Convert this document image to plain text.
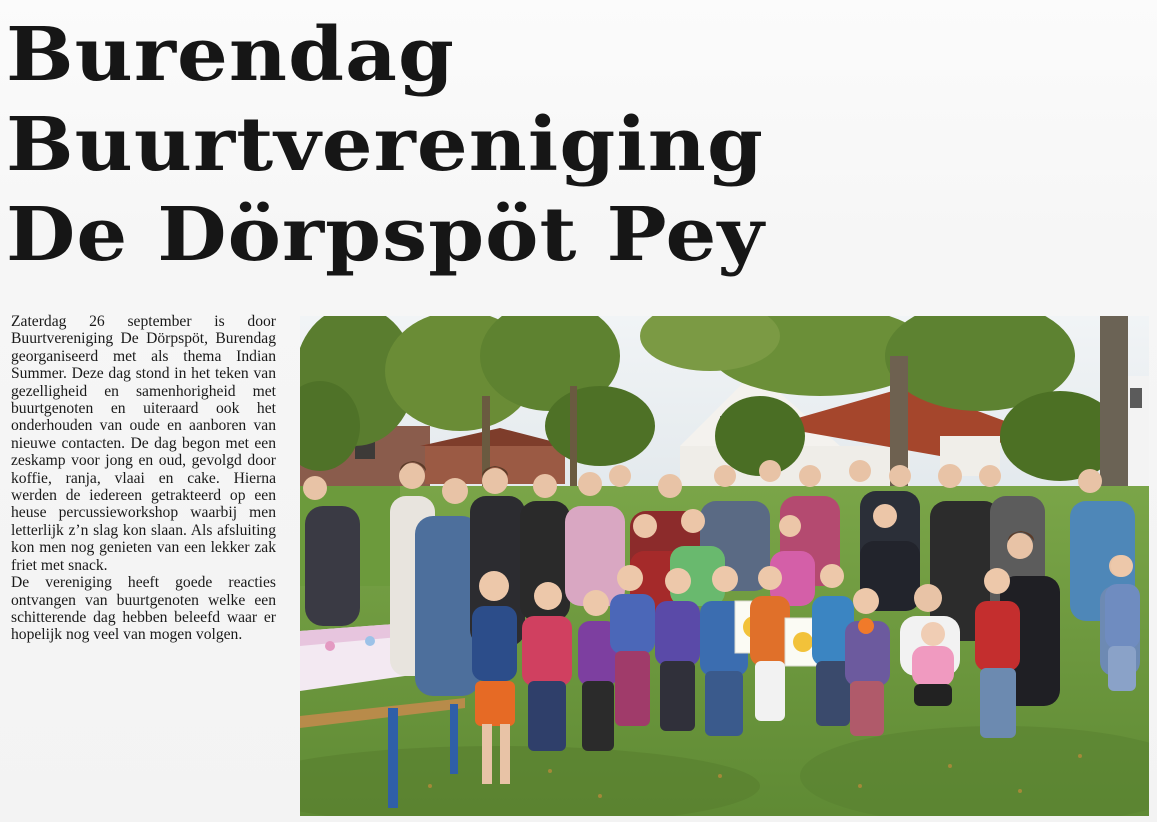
Burendag
Buurtvereniging
De Dörpspöt Pey

Zaterdag 26 september is door Buurtvereniging De Dörpspöt, Burendag georganiseerd met als thema Indian Summer. Deze dag stond in het teken van gezelligheid en samenhorigheid met buurtgenoten en uiteraard ook het onderhouden van oude en aanboren van nieuwe contacten. De dag begon met een zeskamp voor jong en oud, gevolgd door koffie, ranja, vlaai en cake. Hierna werden de iedereen getrakteerd op een heuse percussieworkshop waarbij men letterlijk z’n slag kon slaan. Als afsluiting kon men nog genieten van een lekker zak friet met snack.

De vereniging heeft goede reacties ontvangen van buurtgenoten welke een schitterende dag hebben beleefd waar er hopelijk nog veel van mogen volgen.
